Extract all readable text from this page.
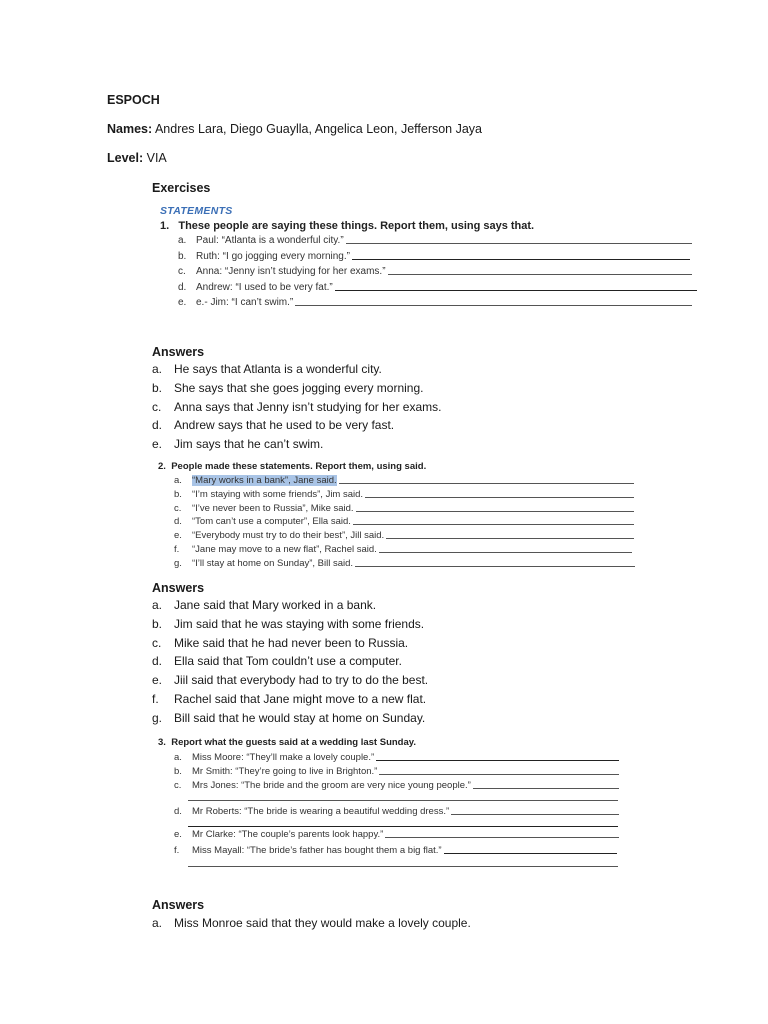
ESPOCH
Names: Andres Lara, Diego Guaylla, Angelica Leon, Jefferson Jaya
Level: VIA
Exercises
STATEMENTS
1. These people are saying these things. Report them, using says that.
a. Paul: “Atlanta is a wonderful city.”
b. Ruth: “I go jogging every morning.”
c.	Anna: “Jenny isn’t studying for her exams.”
d. Andrew: “I used to be very fat.”
e. e.- Jim: “I can’t swim.”
Answers
a. He says that Atlanta is a wonderful city.
b. She says that she goes jogging every morning.
c. Anna says that Jenny isn’t studying for her exams.
d. Andrew says that he used to be very fast.
e. Jim says that he can’t swim.
2. People made these statements. Report them, using said.
a.	“Mary works in a bank”, Jane said.
b.	“I’m staying with some friends”, Jim said.
c.	“I’ve never been to Russia”, Mike said.
d.	“Tom can’t use a computer”, Ella said.
e.	“Everybody must try to do their best”, Jill said.
f.	“Jane may move to a new flat”, Rachel said.
g.	“I’ll stay at home on Sunday”, Bill said.
Answers
a. Jane said that Mary worked in a bank.
b. Jim said that he was staying with some friends.
c. Mike said that he had never been to Russia.
d. Ella said that Tom couldn’t use a computer.
e. Jiil said that everybody had to try to do the best.
f. Rachel said that Jane might move to a new flat.
g. Bill said that he would stay at home on Sunday.
3. Report what the guests said at a wedding last Sunday.
a.	Miss Moore: “They’ll make a lovely couple.”
b.	Mr Smith: “They’re going to live in Brighton.”
c.	Mrs Jones: “The bride and the groom are very nice young people.”
d.	Mr Roberts: “The bride is wearing a beautiful wedding dress.”
e.	Mr Clarke: “The couple’s parents look happy.”
f.	Miss Mayall: “The bride’s father has bought them a big flat.”
Answers
a. Miss Monroe said that they would make a lovely couple.
